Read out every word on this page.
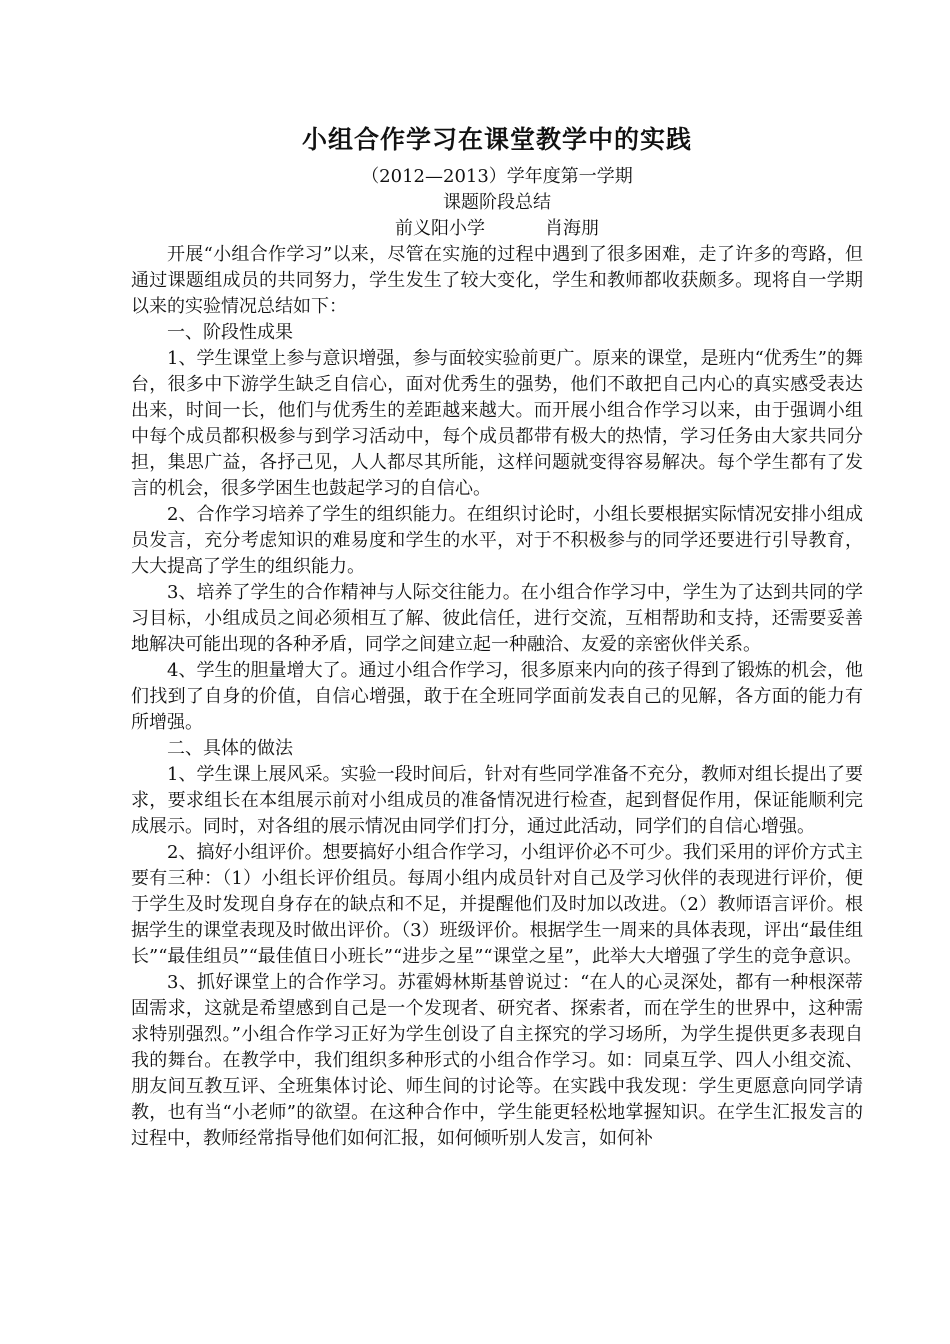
小组合作学习在课堂教学中的实践

（2012—2013）学年度第一学期

课题阶段总结

前义阳小学	肖海朋

开展“小组合作学习”以来，尽管在实施的过程中遇到了很多困难，走了许多的弯路，但通过课题组成员的共同努力，学生发生了较大变化，学生和教师都收获颇多。现将自一学期以来的实验情况总结如下：

一、阶段性成果

1、学生课堂上参与意识增强，参与面较实验前更广。原来的课堂，是班内“优秀生”的舞台，很多中下游学生缺乏自信心，面对优秀生的强势，他们不敢把自己内心的真实感受表达出来，时间一长，他们与优秀生的差距越来越大。而开展小组合作学习以来，由于强调小组中每个成员都积极参与到学习活动中，每个成员都带有极大的热情，学习任务由大家共同分担，集思广益，各抒己见，人人都尽其所能，这样问题就变得容易解决。每个学生都有了发言的机会，很多学困生也鼓起学习的自信心。

2、合作学习培养了学生的组织能力。在组织讨论时，小组长要根据实际情况安排小组成员发言，充分考虑知识的难易度和学生的水平，对于不积极参与的同学还要进行引导教育，大大提高了学生的组织能力。

3、培养了学生的合作精神与人际交往能力。在小组合作学习中，学生为了达到共同的学习目标，小组成员之间必须相互了解、彼此信任，进行交流，互相帮助和支持，还需要妥善地解决可能出现的各种矛盾，同学之间建立起一种融洽、友爱的亲密伙伴关系。

4、学生的胆量增大了。通过小组合作学习，很多原来内向的孩子得到了锻炼的机会，他们找到了自身的价值，自信心增强，敢于在全班同学面前发表自己的见解，各方面的能力有所增强。

二、具体的做法

1、学生课上展风采。实验一段时间后，针对有些同学准备不充分，教师对组长提出了要求，要求组长在本组展示前对小组成员的准备情况进行检查，起到督促作用，保证能顺利完成展示。同时，对各组的展示情况由同学们打分，通过此活动，同学们的自信心增强。

2、搞好小组评价。想要搞好小组合作学习，小组评价必不可少。我们采用的评价方式主要有三种：（1）小组长评价组员。每周小组内成员针对自己及学习伙伴的表现进行评价，便于学生及时发现自身存在的缺点和不足，并提醒他们及时加以改进。（2）教师语言评价。根据学生的课堂表现及时做出评价。（3）班级评价。根据学生一周来的具体表现，评出“最佳组长”“最佳组员”“最佳值日小班长”“进步之星”“课堂之星”，此举大大增强了学生的竞争意识。

3、抓好课堂上的合作学习。苏霍姆林斯基曾说过：“在人的心灵深处，都有一种根深蒂固需求，这就是希望感到自己是一个发现者、研究者、探索者，而在学生的世界中，这种需求特别强烈。”小组合作学习正好为学生创设了自主探究的学习场所，为学生提供更多表现自我的舞台。在教学中，我们组织多种形式的小组合作学习。如：同桌互学、四人小组交流、朋友间互教互评、全班集体讨论、师生间的讨论等。在实践中我发现：学生更愿意向同学请教，也有当“小老师”的欲望。在这种合作中，学生能更轻松地掌握知识。在学生汇报发言的过程中，教师经常指导他们如何汇报，如何倾听别人发言，如何补
